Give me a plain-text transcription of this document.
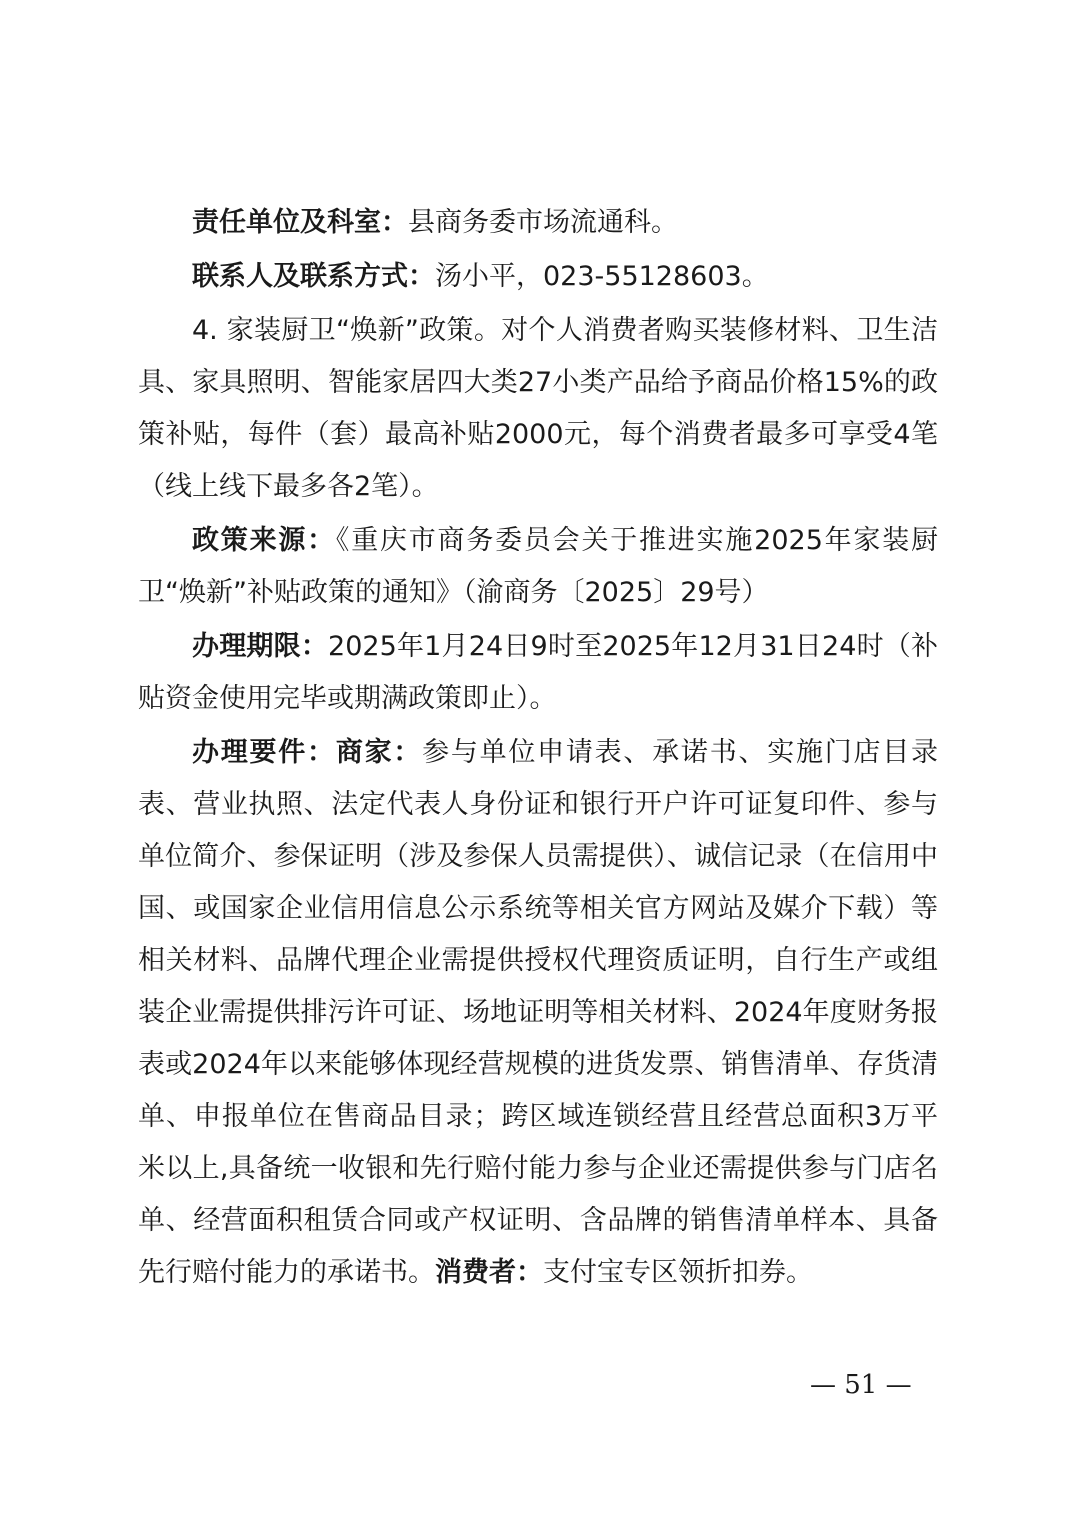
责任单位及科室：县商务委市场流通科。

联系人及联系方式：汤小平，023-55128603。

4. 家装厨卫“焕新”政策。对个人消费者购买装修材料、卫生洁具、家具照明、智能家居四大类27小类产品给予商品价格15%的政策补贴，每件（套）最高补贴2000元，每个消费者最多可享受4笔（线上线下最多各2笔）。

政策来源：《重庆市商务委员会关于推进实施2025年家装厨卫“焕新”补贴政策的通知》（渝商务〔2025〕29号）

办理期限：2025年1月24日9时至2025年12月31日24时（补贴资金使用完毕或期满政策即止）。

办理要件：商家：参与单位申请表、承诺书、实施门店目录表、营业执照、法定代表人身份证和银行开户许可证复印件、参与单位简介、参保证明（涉及参保人员需提供）、诚信记录（在信用中国、或国家企业信用信息公示系统等相关官方网站及媒介下载）等相关材料、品牌代理企业需提供授权代理资质证明，自行生产或组装企业需提供排污许可证、场地证明等相关材料、2024年度财务报表或2024年以来能够体现经营规模的进货发票、销售清单、存货清单、申报单位在售商品目录；跨区域连锁经营且经营总面积3万平米以上,具备统一收银和先行赔付能力参与企业还需提供参与门店名单、经营面积租赁合同或产权证明、含品牌的销售清单样本、具备先行赔付能力的承诺书。消费者：支付宝专区领折扣券。

— 51 —
